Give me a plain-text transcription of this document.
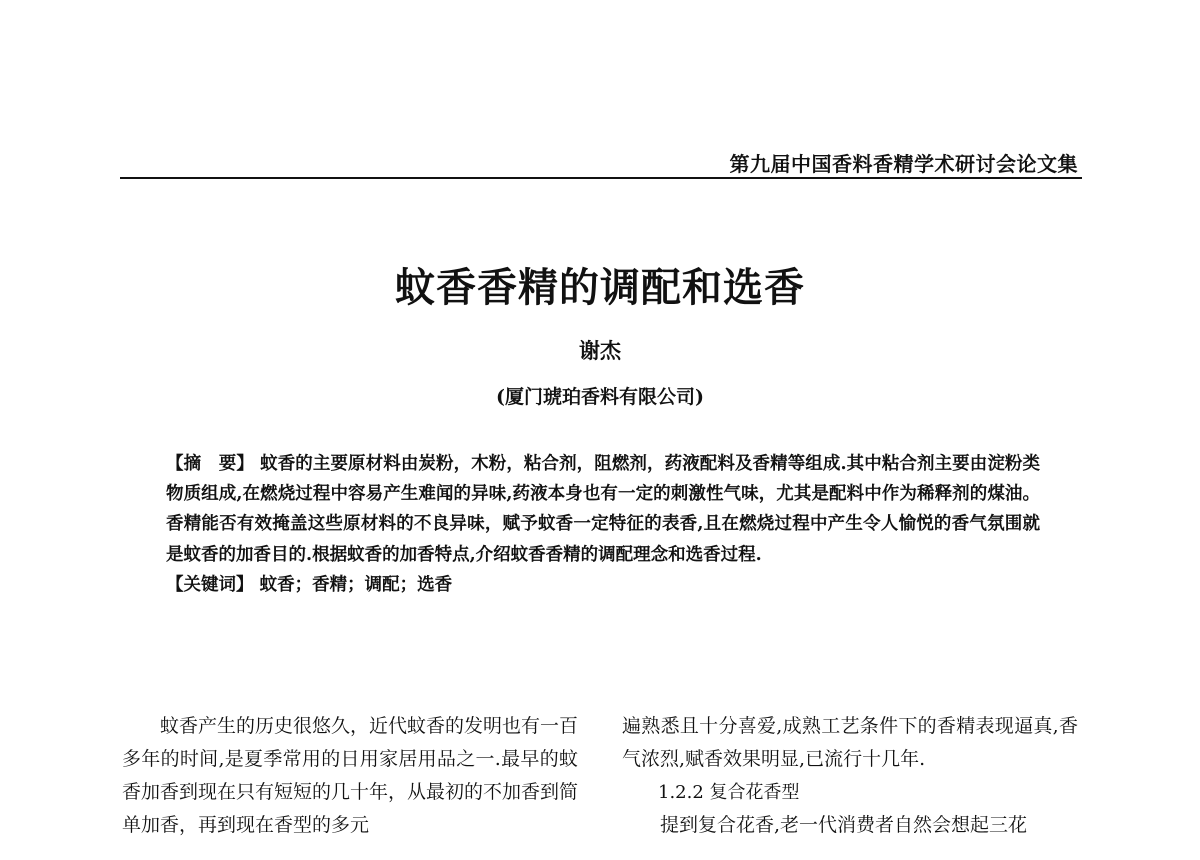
第九届中国香料香精学术研讨会论文集
蚊香香精的调配和选香
谢杰
(厦门琥珀香料有限公司)

【摘　要】 蚊香的主要原材料由炭粉，木粉，粘合剂，阻燃剂，药液配料及香精等组成.其中粘合剂主要由淀粉类物质组成,在燃烧过程中容易产生难闻的异味,药液本身也有一定的刺激性气味，尤其是配料中作为稀释剂的煤油。香精能否有效掩盖这些原材料的不良异味，赋予蚊香一定特征的表香,且在燃烧过程中产生令人愉悦的香气氛围就是蚊香的加香目的.根据蚊香的加香特点,介绍蚊香香精的调配理念和选香过程.

【关键词】 蚊香；香精；调配；选香

蚊香产生的历史很悠久，近代蚊香的发明也有一百多年的时间,是夏季常用的日用家居用品之一.最早的蚊香加香到现在只有短短的几十年，从最初的不加香到简单加香，再到现在香型的多元

遍熟悉且十分喜爱,成熟工艺条件下的香精表现逼真,香气浓烈,赋香效果明显,已流行十几年.

1.2.2 复合花香型

提到复合花香,老一代消费者自然会想起三花
